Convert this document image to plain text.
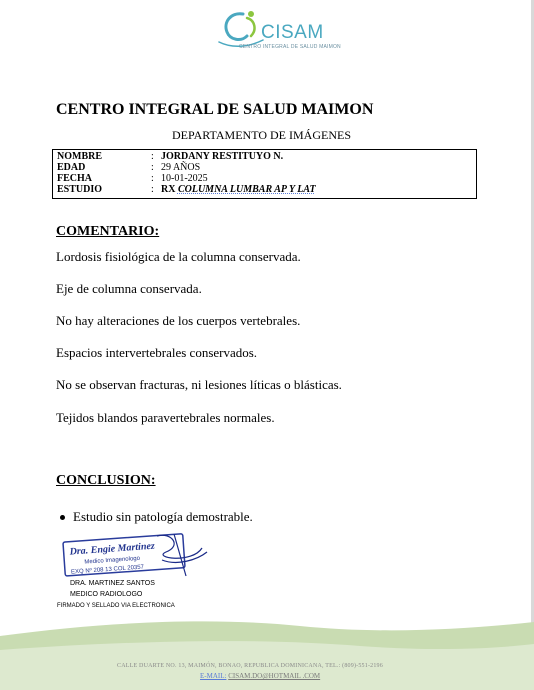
CISAM
CENTRO INTEGRAL DE SALUD MAIMON
CENTRO INTEGRAL DE SALUD MAIMON
DEPARTAMENTO DE IMÁGENES
NOMBRE	: JORDANY RESTITUYO N.
EDAD	: 29 AÑOS
FECHA	: 10-01-2025
ESTUDIO	: RX COLUMNA LUMBAR AP Y LAT
COMENTARIO:
Lordosis fisiológica de la columna conservada.
Eje de columna conservada.
No hay alteraciones de los cuerpos vertebrales.
Espacios intervertebrales conservados.
No se observan fracturas, ni lesiones líticas o blásticas.
Tejidos blandos paravertebrales normales.
CONCLUSION:
Estudio sin patología demostrable.
Dra. Engie Martinez
Medico Imagenologo
EXQ Nº 208 13 COL 20357
DRA. MARTINEZ SANTOS
MEDICO RADIOLOGO
FIRMADO Y SELLADO VIA ELECTRONICA
CALLE DUARTE NO. 13, MAIMÓN, BONAO, REPUBLICA DOMINICANA, TEL.: (809)-551-2196
E-MAIL: CISAM.DO@HOTMAIL .COM
